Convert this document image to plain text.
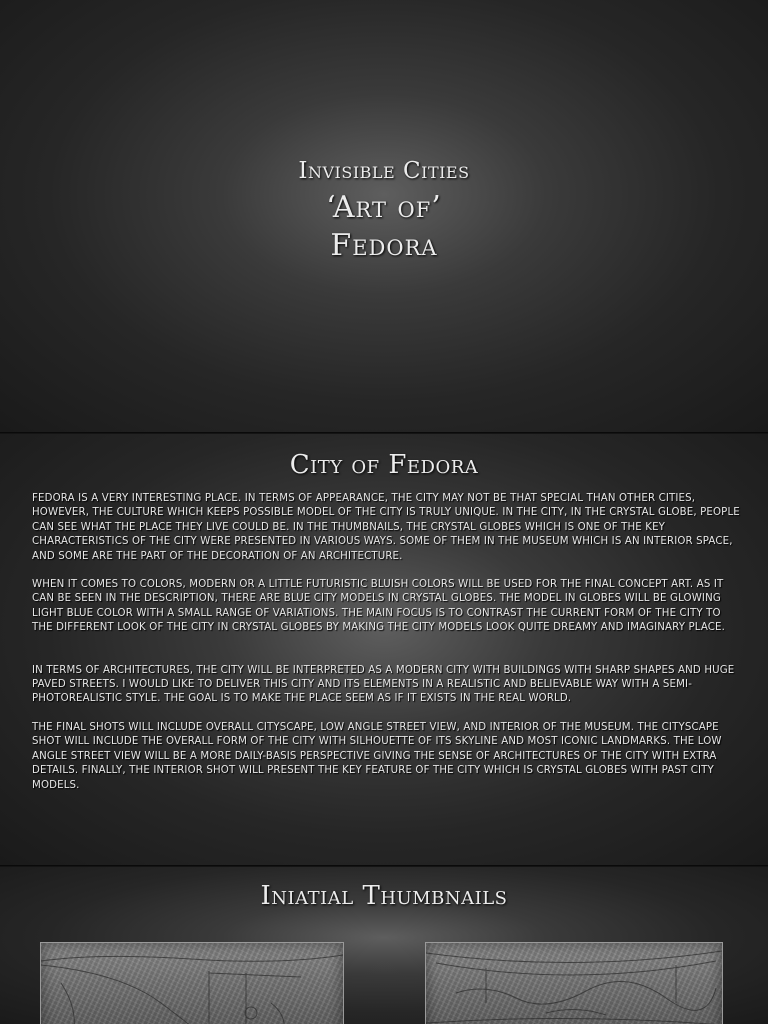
Invisible Cities
‘Art of’
Fedora
City of Fedora

FEDORA IS A VERY INTERESTING PLACE. IN TERMS OF APPEARANCE, THE CITY MAY NOT BE THAT SPECIAL THAN OTHER CITIES, HOWEVER, THE CULTURE WHICH KEEPS POSSIBLE MODEL OF THE CITY IS TRULY UNIQUE. IN THE CITY, IN THE CRYSTAL GLOBE, PEOPLE CAN SEE WHAT THE PLACE THEY LIVE COULD BE. IN THE THUMBNAILS, THE CRYSTAL GLOBES WHICH IS ONE OF THE KEY CHARACTERISTICS OF THE CITY WERE PRESENTED IN VARIOUS WAYS. SOME OF THEM IN THE MUSEUM WHICH IS AN INTERIOR SPACE, AND SOME ARE THE PART OF THE DECORATION OF AN ARCHITECTURE.

WHEN IT COMES TO COLORS, MODERN OR A LITTLE FUTURISTIC BLUISH COLORS WILL BE USED FOR THE FINAL CONCEPT ART. AS IT CAN BE SEEN IN THE DESCRIPTION, THERE ARE BLUE CITY MODELS IN CRYSTAL GLOBES. THE MODEL IN GLOBES WILL BE GLOWING LIGHT BLUE COLOR WITH A SMALL RANGE OF VARIATIONS. THE MAIN FOCUS IS TO CONTRAST THE CURRENT FORM OF THE CITY TO THE DIFFERENT LOOK OF THE CITY IN CRYSTAL GLOBES BY MAKING THE CITY MODELS LOOK QUITE DREAMY AND IMAGINARY PLACE.

IN TERMS OF ARCHITECTURES, THE CITY WILL BE INTERPRETED AS A MODERN CITY WITH BUILDINGS WITH SHARP SHAPES AND HUGE PAVED STREETS. I WOULD LIKE TO DELIVER THIS CITY AND ITS ELEMENTS IN A REALISTIC AND BELIEVABLE WAY WITH A SEMI-PHOTOREALISTIC STYLE. THE GOAL IS TO MAKE THE PLACE SEEM AS IF IT EXISTS IN THE REAL WORLD.

THE FINAL SHOTS WILL INCLUDE OVERALL CITYSCAPE, LOW ANGLE STREET VIEW, AND INTERIOR OF THE MUSEUM. THE CITYSCAPE SHOT WILL INCLUDE THE OVERALL FORM OF THE CITY WITH SILHOUETTE OF ITS SKYLINE AND MOST ICONIC LANDMARKS. THE LOW ANGLE STREET VIEW WILL BE A MORE DAILY-BASIS PERSPECTIVE GIVING THE SENSE OF ARCHITECTURES OF THE CITY WITH EXTRA DETAILS. FINALLY, THE INTERIOR SHOT WILL PRESENT THE KEY FEATURE OF THE CITY WHICH IS CRYSTAL GLOBES WITH PAST CITY MODELS.

Iniatial Thumbnails
